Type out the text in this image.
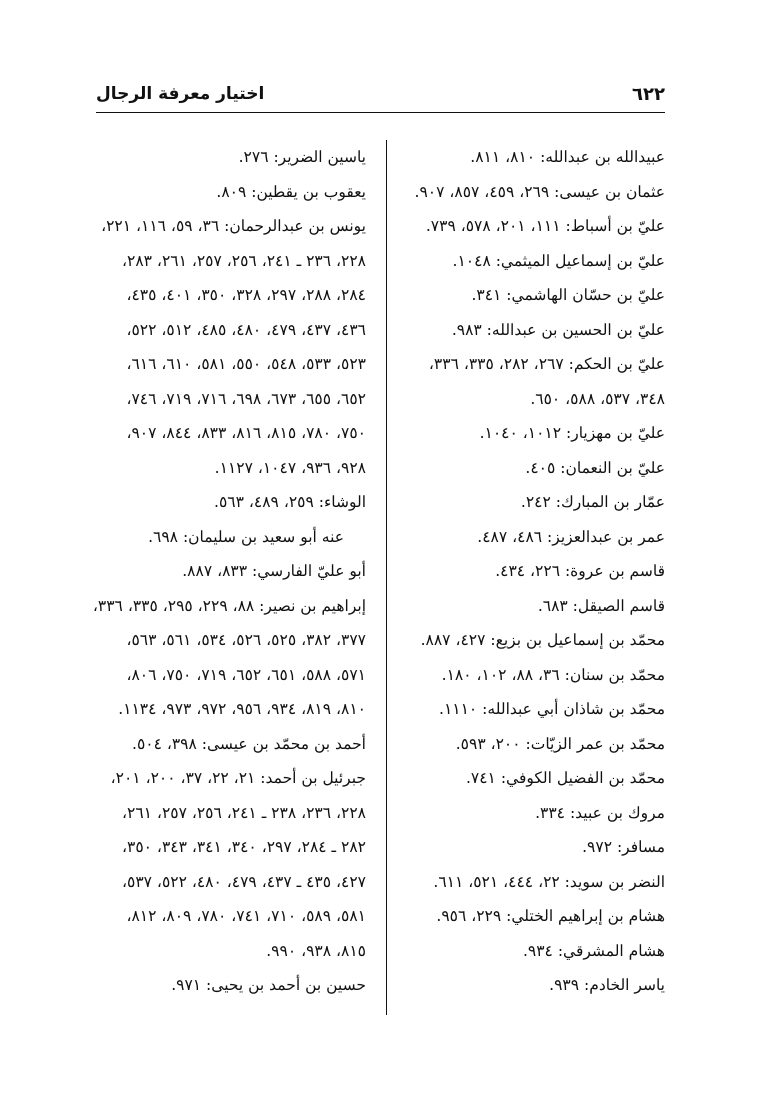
٦٢٢
اختيار معرفة الرجال
عبيدالله بن عبدالله: ٨١٠، ٨١١.
عثمان بن عيسى: ٢٦٩، ٤٥٩، ٨٥٧، ٩٠٧.
عليّ بن أسباط: ١١١، ٢٠١، ٥٧٨، ٧٣٩.
عليّ بن إسماعيل الميثمي: ١٠٤٨.
عليّ بن حسّان الهاشمي: ٣٤١.
عليّ بن الحسين بن عبدالله: ٩٨٣.
عليّ بن الحكم: ٢٦٧، ٢٨٢، ٣٣٥، ٣٣٦،
٣٤٨، ٥٣٧، ٥٨٨، ٦٥٠.
عليّ بن مهزيار: ١٠١٢، ١٠٤٠.
عليّ بن النعمان: ٤٠٥.
عمّار بن المبارك: ٢٤٢.
عمر بن عبدالعزيز: ٤٨٦، ٤٨٧.
قاسم بن عروة: ٢٢٦، ٤٣٤.
قاسم الصيقل: ٦٨٣.
محمّد بن إسماعيل بن بزيع: ٤٢٧، ٨٨٧.
محمّد بن سنان: ٣٦، ٨٨، ١٠٢، ١٨٠.
محمّد بن شاذان أبي عبدالله: ١١١٠.
محمّد بن عمر الزيّات: ٢٠٠، ٥٩٣.
محمّد بن الفضيل الكوفي: ٧٤١.
مروك بن عبيد: ٣٣٤.
مسافر: ٩٧٢.
النضر بن سويد: ٢٢، ٤٤٤، ٥٢١، ٦١١.
هشام بن إبراهيم الختلي: ٢٢٩، ٩٥٦.
هشام المشرقي: ٩٣٤.
ياسر الخادم: ٩٣٩.
ياسين الضرير: ٢٧٦.
يعقوب بن يقطين: ٨٠٩.
يونس بن عبدالرحمان: ٣٦، ٥٩، ١١٦، ٢٢١،
٢٢٨، ٢٣٦ ـ ٢٤١، ٢٥٦، ٢٥٧، ٢٦١، ٢٨٣،
٢٨٤، ٢٨٨، ٢٩٧، ٣٢٨، ٣٥٠، ٤٠١، ٤٣٥،
٤٣٦، ٤٣٧، ٤٧٩، ٤٨٠، ٤٨٥، ٥١٢، ٥٢٢،
٥٢٣، ٥٣٣، ٥٤٨، ٥٥٠، ٥٨١، ٦١٠، ٦١٦،
٦٥٢، ٦٥٥، ٦٧٣، ٦٩٨، ٧١٦، ٧١٩، ٧٤٦،
٧٥٠، ٧٨٠، ٨١٥، ٨١٦، ٨٣٣، ٨٤٤، ٩٠٧،
٩٢٨، ٩٣٦، ١٠٤٧، ١١٢٧.
الوشاء: ٢٥٩، ٤٨٩، ٥٦٣.
عنه أبو سعيد بن سليمان: ٦٩٨.
أبو عليّ الفارسي: ٨٣٣، ٨٨٧.
إبراهيم بن نصير: ٨٨، ٢٢٩، ٢٩٥، ٣٣٥، ٣٣٦،
٣٧٧، ٣٨٢، ٥٢٥، ٥٢٦، ٥٣٤، ٥٦١، ٥٦٣،
٥٧١، ٥٨٨، ٦٥١، ٦٥٢، ٧١٩، ٧٥٠، ٨٠٦،
٨١٠، ٨١٩، ٩٣٤، ٩٥٦، ٩٧٢، ٩٧٣، ١١٣٤.
أحمد بن محمّد بن عيسى: ٣٩٨، ٥٠٤.
جبرئيل بن أحمد: ٢١، ٢٢، ٣٧، ٢٠٠، ٢٠١،
٢٢٨، ٢٣٦، ٢٣٨ ـ ٢٤١، ٢٥٦، ٢٥٧، ٢٦١،
٢٨٢ ـ ٢٨٤، ٢٩٧، ٣٤٠، ٣٤١، ٣٤٣، ٣٥٠،
٤٢٧، ٤٣٥ ـ ٤٣٧، ٤٧٩، ٤٨٠، ٥٢٢، ٥٣٧،
٥٨١، ٥٨٩، ٧١٠، ٧٤١، ٧٨٠، ٨٠٩، ٨١٢،
٨١٥، ٩٣٨، ٩٩٠.
حسين بن أحمد بن يحيى: ٩٧١.
